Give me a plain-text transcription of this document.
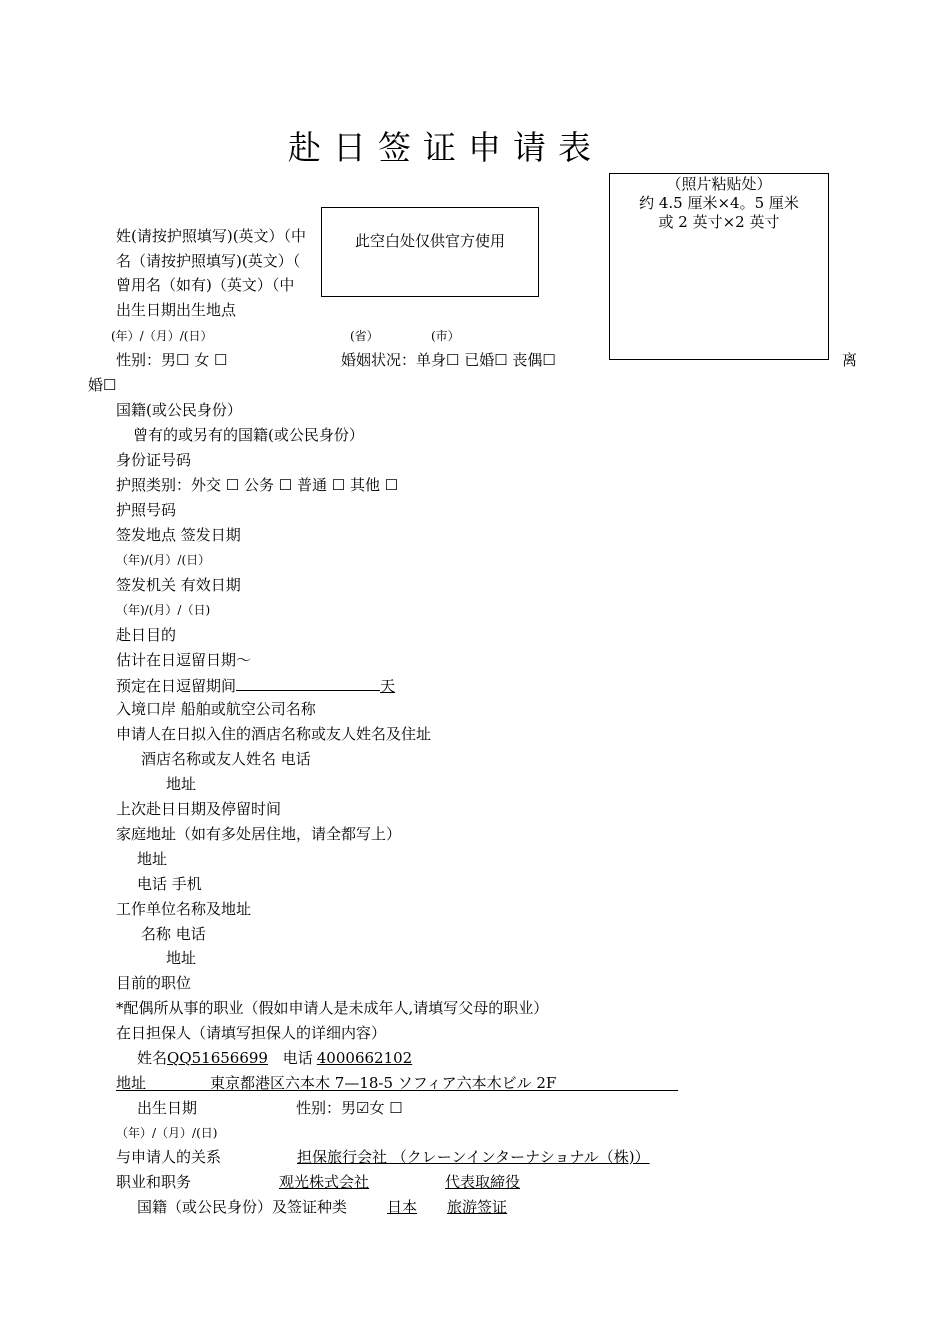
赴日签证申请表
（照片粘贴处）
约 4.5 厘米×4。5 厘米
或 2 英寸×2 英寸
姓(请按护照填写)(英文）（中
名（请按护照填写)(英文）（
曾用名（如有)（英文）（中
此空白处仅供官方使用
出生日期出生地点
(年）/（月）/(日）	(省）	(市）
性别：男☐ 女 ☐	婚姻状况：单身☐ 已婚☐ 丧偶☐	离
婚☐
国籍(或公民身份）
曾有的或另有的国籍(或公民身份）
身份证号码
护照类别：外交 ☐ 公务 ☐ 普通 ☐ 其他 ☐
护照号码
签发地点 签发日期
（年)/(月）/(日）
签发机关 有效日期
（年)/(月）/（日)
赴日目的
估计在日逗留日期～
预定在日逗留期间	天
入境口岸 船舶或航空公司名称
申请人在日拟入住的酒店名称或友人姓名及住址
酒店名称或友人姓名 电话
地址
上次赴日日期及停留时间
家庭地址（如有多处居住地，请全都写上）
地址
电话 手机
工作单位名称及地址
名称 电话
地址
目前的职位
*配偶所从事的职业（假如申请人是未成年人,请填写父母的职业）
在日担保人（请填写担保人的详细内容）
姓名QQ51656699 电话 4000662102
地址	東京都港区六本木 7—18-5 ソフィア六本木ビル 2F
出生日期	性别：男☑女 ☐
（年）/（月）/(日)
与申请人的关系	担保旅行会社 （クレーンインターナショナル（株)）
职业和职务	观光株式会社	代表取締役
国籍（或公民身份）及签证种类	日本 旅游签证
